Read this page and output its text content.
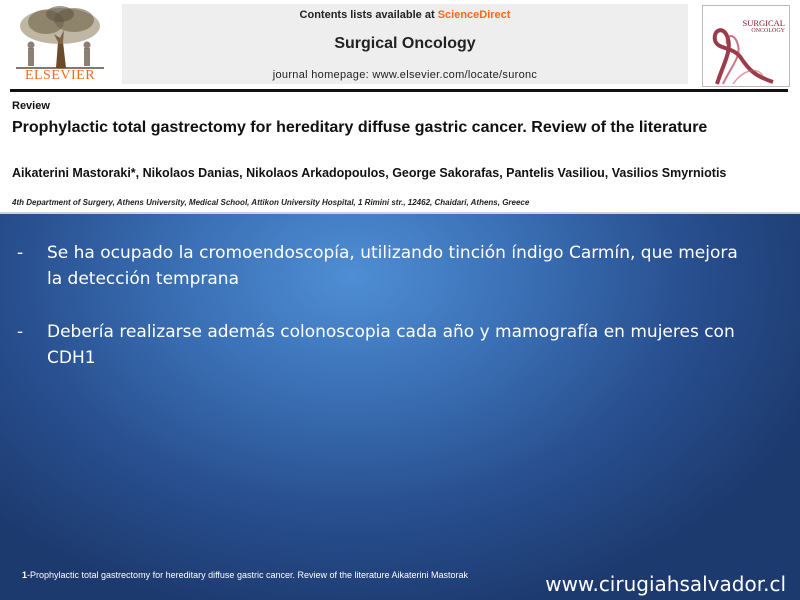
ELSEVIER
Contents lists available at ScienceDirect
Surgical Oncology
journal homepage: www.elsevier.com/locate/suronc
SURGICAL
ONCOLOGY
Review
Prophylactic total gastrectomy for hereditary diffuse gastric cancer. Review of the literature
Aikaterini Mastoraki*, Nikolaos Danias, Nikolaos Arkadopoulos, George Sakorafas, Pantelis Vasiliou, Vasilios Smyrniotis
4th Department of Surgery, Athens University, Medical School, Attikon University Hospital, 1 Rimini str., 12462, Chaidari, Athens, Greece
- Se ha ocupado la cromoendoscopía, utilizando tinción índigo Carmín, que mejora la detección temprana
- Debería realizarse además colonoscopia cada año y mamografía en mujeres con CDH1
1-Prophylactic total gastrectomy for hereditary diffuse gastric cancer. Review of the literature Aikaterini Mastorak	www.cirugiahsalvador.cl
